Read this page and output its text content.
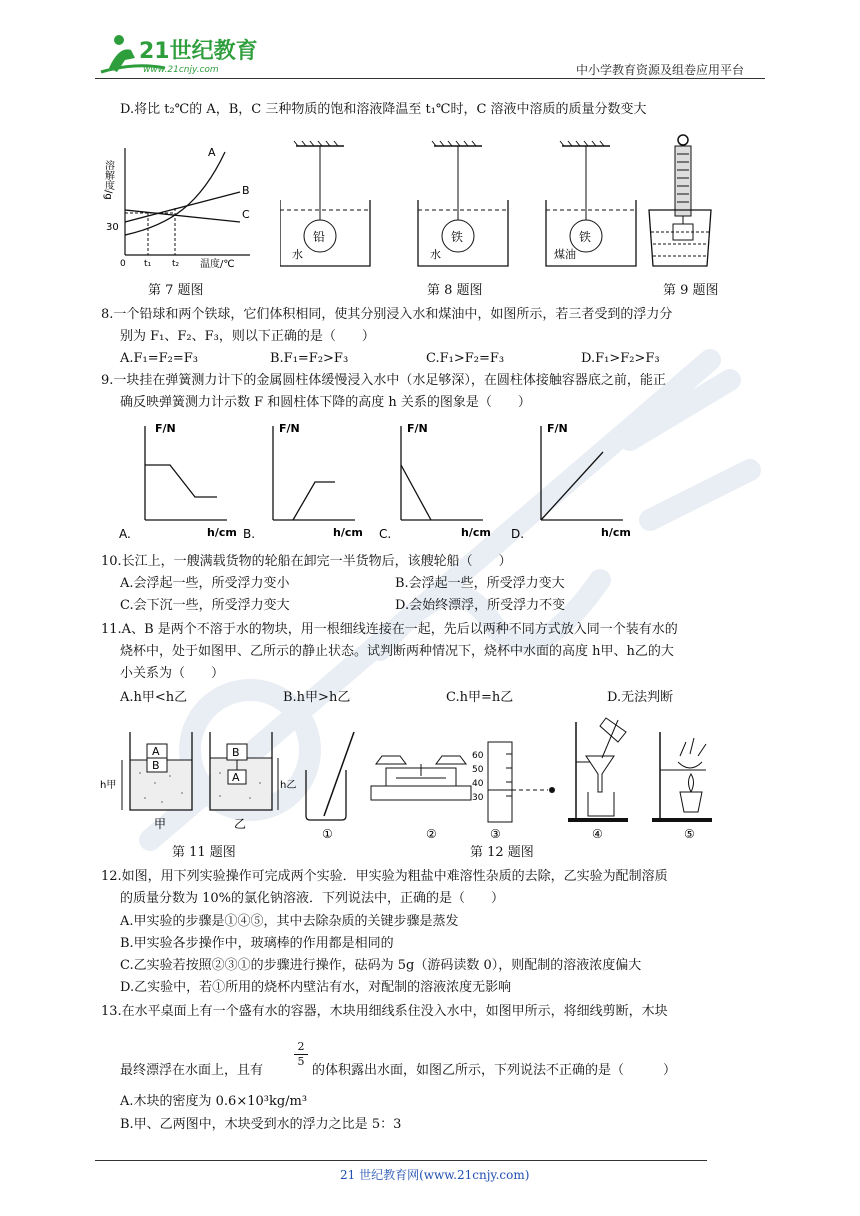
21世纪教育
www.21cnjy.com	中小学教育资源及组卷应用平台
D.将比 t₂℃的 A，B，C 三种物质的饱和溶液降温至 t₁℃时，C 溶液中溶质的质量分数变大
溶解度/g
30
0 t₁ t₂ 温度/℃
A
B
C
铅
水
铁
水
铁
煤油
第 7 题图	第 8 题图	第 9 题图
8.一个铅球和两个铁球，它们体积相同，使其分别浸入水和煤油中，如图所示，若三者受到的浮力分
别为 F₁、F₂、F₃，则以下正确的是（　　）
A.F₁=F₂=F₃	B.F₁=F₂>F₃	C.F₁>F₂=F₃	D.F₁>F₂>F₃
9.一块挂在弹簧测力计下的金属圆柱体缓慢浸入水中（水足够深），在圆柱体接触容器底之前，能正
确反映弹簧测力计示数 F 和圆柱体下降的高度 h 关系的图象是（　　）
F/N
h/cm
A.
F/N
h/cm
B.
F/N
h/cm
C.
F/N
h/cm
D.
10.长江上，一艘满载货物的轮船在卸完一半货物后，该艘轮船（　　）
A.会浮起一些，所受浮力变小	B.会浮起一些，所受浮力变大
C.会下沉一些，所受浮力变大	D.会始终漂浮，所受浮力不变
11.A、B 是两个不溶于水的物块，用一根细线连接在一起，先后以两种不同方式放入同一个装有水的
烧杯中，处于如图甲、乙所示的静止状态。试判断两种情况下，烧杯中水面的高度 h甲、h乙的大
小关系为（　　）
A.h甲<h乙	B.h甲>h乙	C.h甲=h乙	D.无法判断
A
B
h甲
甲
B
A
h乙
乙
①	②
60
50
40
30
③	④	⑤
第 11 题图	第 12 题图
12.如图，用下列实验操作可完成两个实验．甲实验为粗盐中难溶性杂质的去除，乙实验为配制溶质
的质量分数为 10%的氯化钠溶液．下列说法中，正确的是（　　）
A.甲实验的步骤是①④⑤，其中去除杂质的关键步骤是蒸发
B.甲实验各步操作中，玻璃棒的作用都是相同的
C.乙实验若按照②③①的步骤进行操作，砝码为 5g（游码读数 0），则配制的溶液浓度偏大
D.乙实验中，若①所用的烧杯内壁沾有水，对配制的溶液浓度无影响
13.在水平桌面上有一个盛有水的容器，木块用细线系住没入水中，如图甲所示，将细线剪断，木块
最终漂浮在水面上，且有
$\frac{2}{5}$
的体积露出水面，如图乙所示，下列说法不正确的是（　　　）
A.木块的密度为 0.6×10³kg/m³
B.甲、乙两图中，木块受到水的浮力之比是 5：3
21 世纪教育网(www.21cnjy.com)
